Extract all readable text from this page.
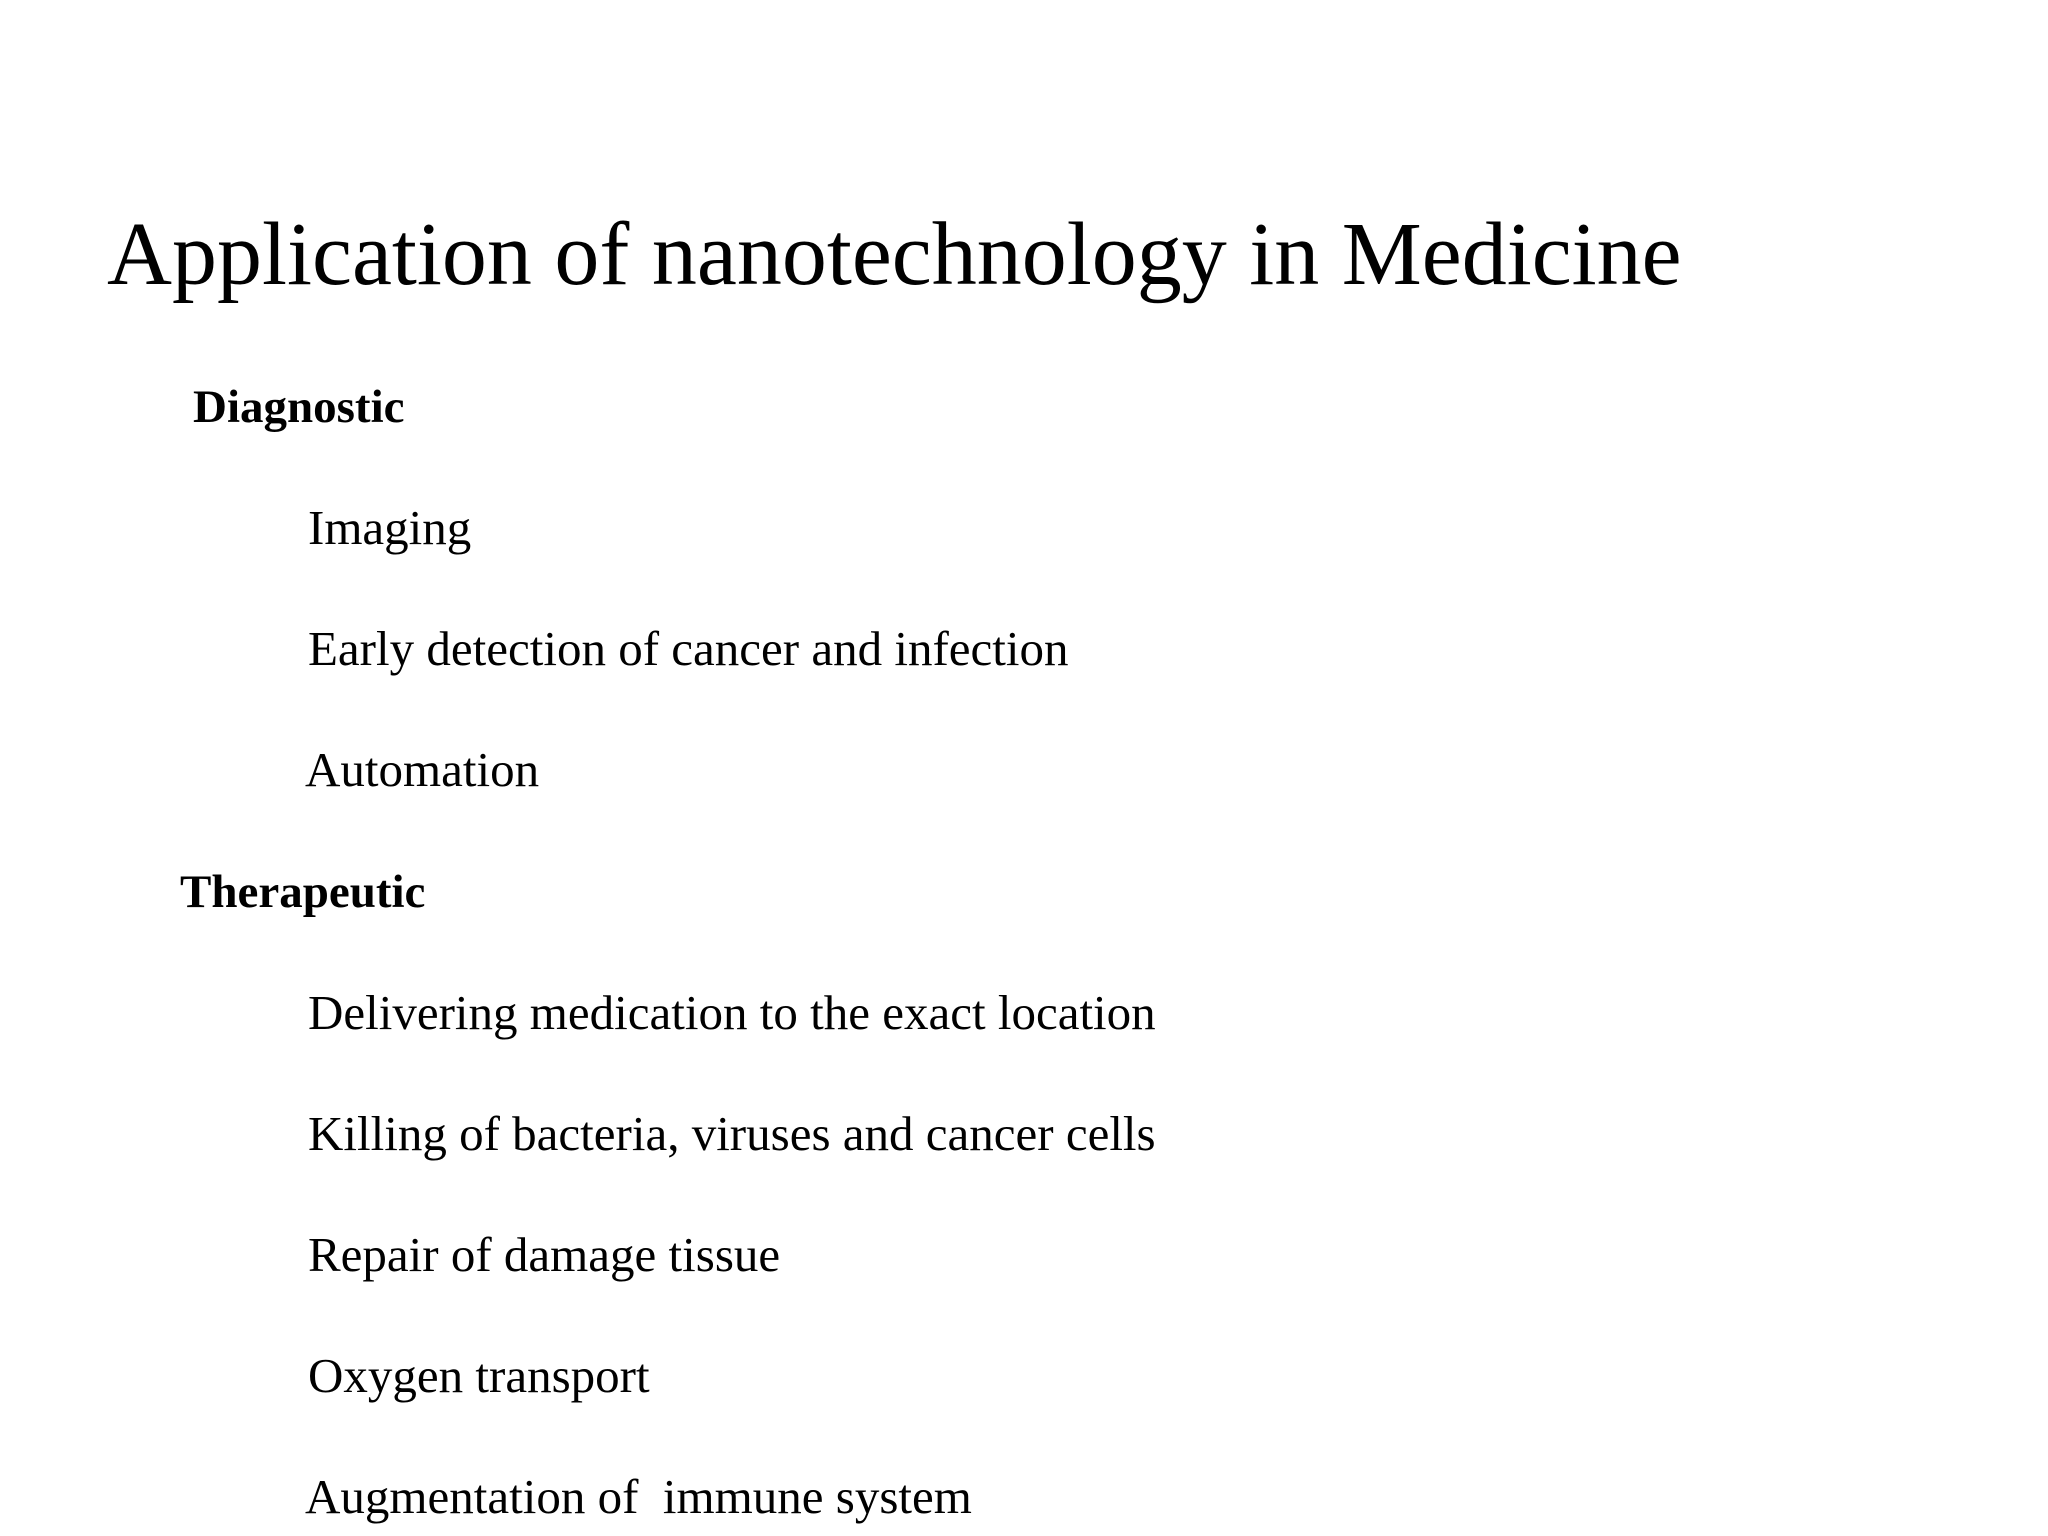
Application of nanotechnology in Medicine
Diagnostic
Imaging
Early detection of cancer and infection
Automation
Therapeutic
Delivering medication to the exact location
Killing of bacteria, viruses and cancer cells
Repair of damage tissue
Oxygen transport
Augmentation of  immune system
